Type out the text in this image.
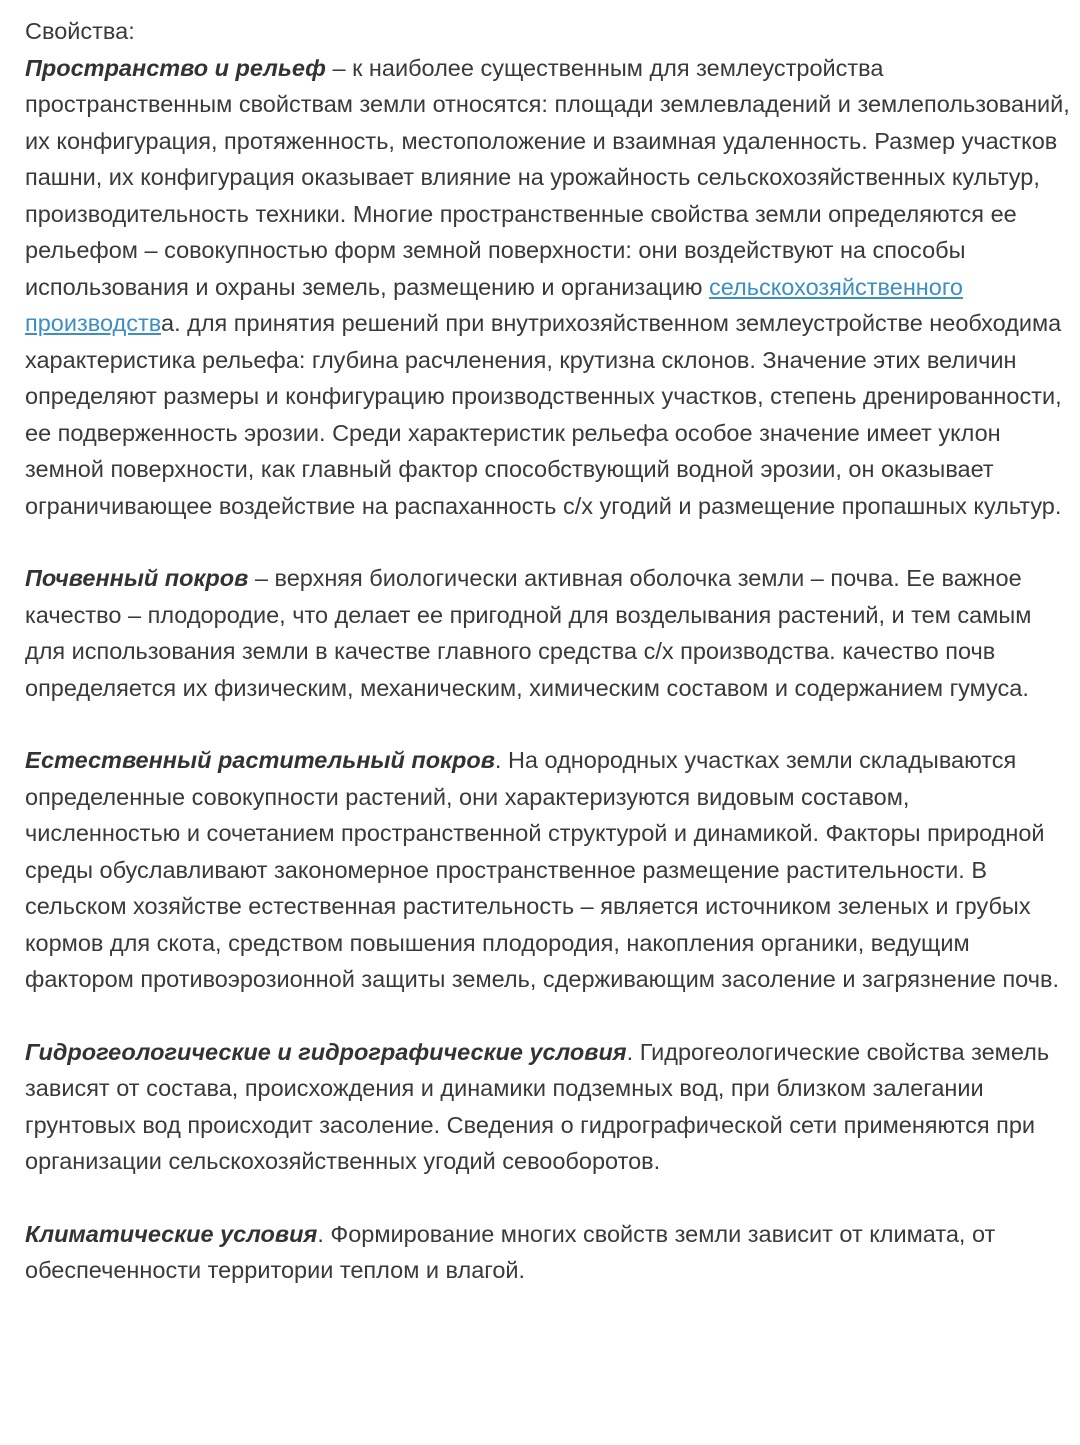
Свойства:

Пространство и рельеф – к наиболее существенным для землеустройства пространственным свойствам земли относятся: площади землевладений и землепользований, их конфигурация, протяженность, местоположение и взаимная удаленность. Размер участков пашни, их конфигурация оказывает влияние на урожайность сельскохозяйственных культур, производительность техники. Многие пространственные свойства земли определяются ее рельефом – совокупностью форм земной поверхности: они воздействуют на способы использования и охраны земель, размещению и организацию сельскохозяйственного производства. для принятия решений при внутрихозяйственном землеустройстве необходима характеристика рельефа: глубина расчленения, крутизна склонов. Значение этих величин определяют размеры и конфигурацию производственных участков, степень дренированности, ее подверженность эрозии. Среди характеристик рельефа особое значение имеет уклон земной поверхности, как главный фактор способствующий водной эрозии, он оказывает ограничивающее воздействие на распаханность с/х угодий и размещение пропашных культур.

Почвенный покров – верхняя биологически активная оболочка земли – почва. Ее важное качество – плодородие, что делает ее пригодной для возделывания растений, и тем самым для использования земли в качестве главного средства с/х производства. качество почв определяется их физическим, механическим, химическим составом и содержанием гумуса.

Естественный растительный покров. На однородных участках земли складываются определенные совокупности растений, они характеризуются видовым составом, численностью и сочетанием пространственной структурой и динамикой. Факторы природной среды обуславливают закономерное пространственное размещение растительности. В сельском хозяйстве естественная растительность – является источником зеленых и грубых кормов для скота, средством повышения плодородия, накопления органики, ведущим фактором противоэрозионной защиты земель, сдерживающим засоление и загрязнение почв.

Гидрогеологические и гидрографические условия. Гидрогеологические свойства земель зависят от состава, происхождения и динамики подземных вод, при близком залегании грунтовых вод происходит засоление. Сведения о гидрографической сети применяются при организации сельскохозяйственных угодий севооборотов.

Климатические условия. Формирование многих свойств земли зависит от климата, от обеспеченности территории теплом и влагой.
